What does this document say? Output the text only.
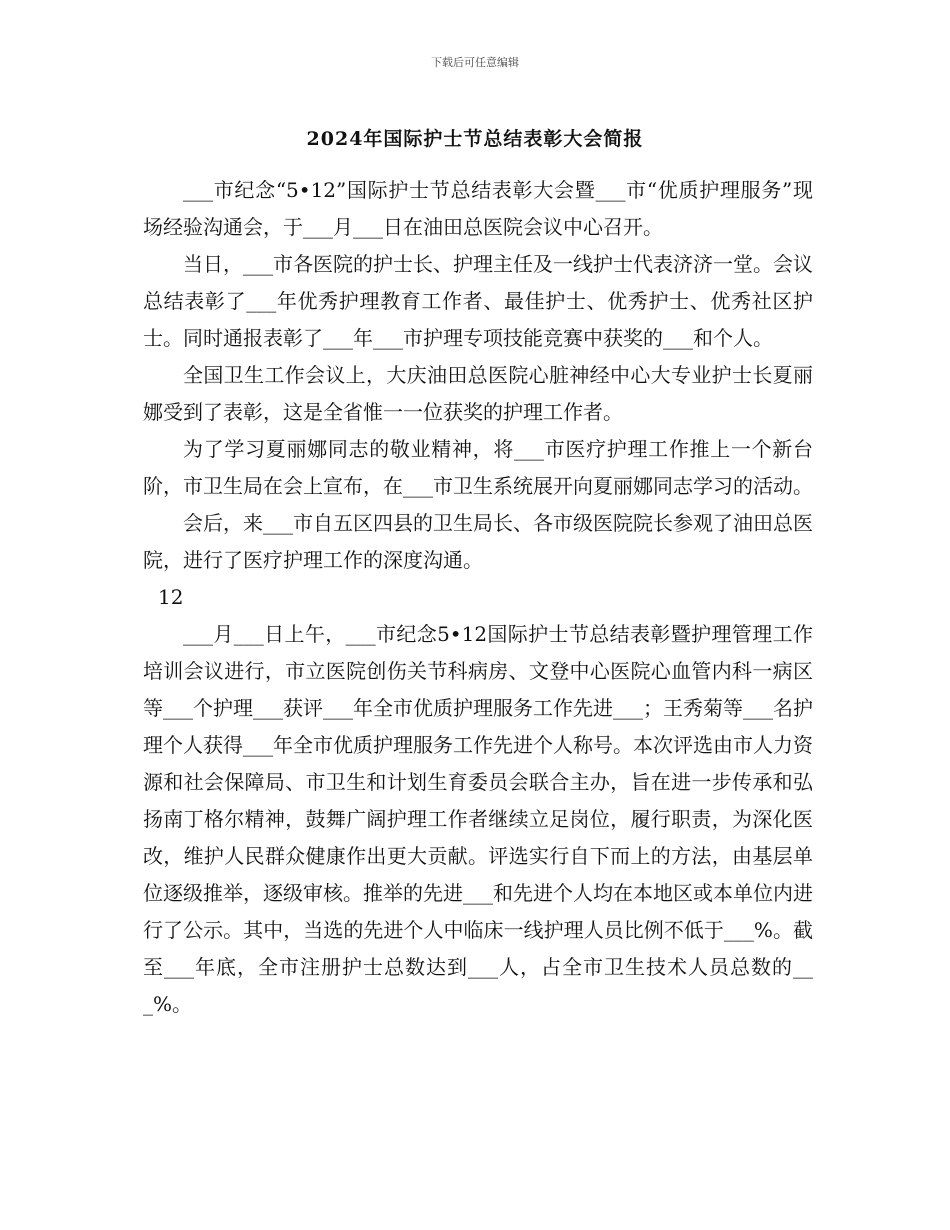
下载后可任意编辑
2024年国际护士节总结表彰大会简报

___市纪念“5•12”国际护士节总结表彰大会暨___市“优质护理服务”现场经验沟通会，于___月___日在油田总医院会议中心召开。

当日，___市各医院的护士长、护理主任及一线护士代表济济一堂。会议总结表彰了___年优秀护理教育工作者、最佳护士、优秀护士、优秀社区护士。同时通报表彰了___年___市护理专项技能竞赛中获奖的___和个人。

全国卫生工作会议上，大庆油田总医院心脏神经中心大专业护士长夏丽娜受到了表彰，这是全省惟一一位获奖的护理工作者。

为了学习夏丽娜同志的敬业精神，将___市医疗护理工作推上一个新台阶，市卫生局在会上宣布，在___市卫生系统展开向夏丽娜同志学习的活动。

会后，来___市自五区四县的卫生局长、各市级医院院长参观了油田总医院，进行了医疗护理工作的深度沟通。

12

___月___日上午，___市纪念5•12国际护士节总结表彰暨护理管理工作培训会议进行，市立医院创伤关节科病房、文登中心医院心血管内科一病区等___个护理___获评___年全市优质护理服务工作先进___；王秀菊等___名护理个人获得___年全市优质护理服务工作先进个人称号。本次评选由市人力资源和社会保障局、市卫生和计划生育委员会联合主办，旨在进一步传承和弘扬南丁格尔精神，鼓舞广阔护理工作者继续立足岗位，履行职责，为深化医改，维护人民群众健康作出更大贡献。评选实行自下而上的方法，由基层单位逐级推举，逐级审核。推举的先进___和先进个人均在本地区或本单位内进行了公示。其中，当选的先进个人中临床一线护理人员比例不低于___%。截至___年底，全市注册护士总数达到___人，占全市卫生技术人员总数的___%。
